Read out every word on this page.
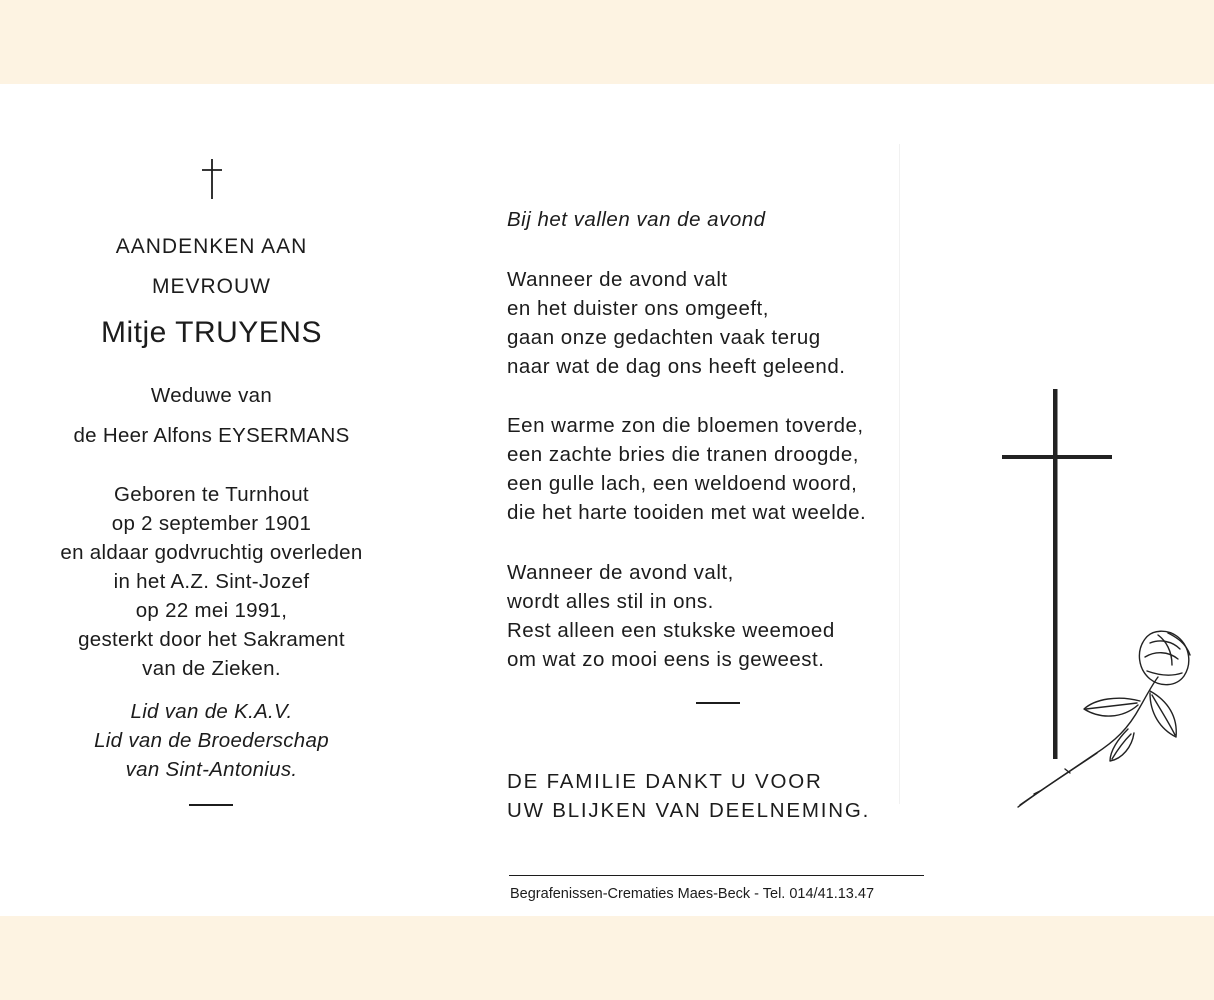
AANDENKEN AAN
MEVROUW
Mitje TRUYENS
Weduwe van
de Heer Alfons EYSERMANS
Geboren te Turnhout
op 2 september 1901
en aldaar godvruchtig overleden
in het A.Z. Sint-Jozef
op 22 mei 1991,
gesterkt door het Sakrament
van de Zieken.
Lid van de K.A.V.
Lid van de Broederschap
van Sint-Antonius.
Bij het vallen van de avond
Wanneer de avond valt
en het duister ons omgeeft,
gaan onze gedachten vaak terug
naar wat de dag ons heeft geleend.
Een warme zon die bloemen toverde,
een zachte bries die tranen droogde,
een gulle lach, een weldoend woord,
die het harte tooiden met wat weelde.
Wanneer de avond valt,
wordt alles stil in ons.
Rest alleen een stukske weemoed
om wat zo mooi eens is geweest.
DE FAMILIE DANKT U VOOR
UW BLIJKEN VAN DEELNEMING.
Begrafenissen-Crematies Maes-Beck - Tel. 014/41.13.47
